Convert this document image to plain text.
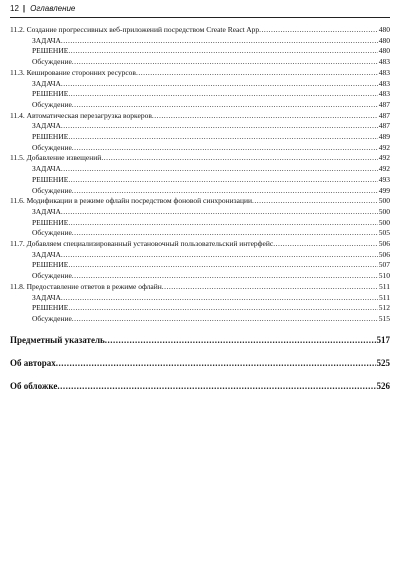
12 | Оглавление
11.2. Создание прогрессивных веб-приложений посредством Create React App .....	480
ЗАДАЧА .....	480
РЕШЕНИЕ .....	480
Обсуждение .....	483
11.3. Кеширование сторонних ресурсов .....	483
ЗАДАЧА .....	483
РЕШЕНИЕ .....	483
Обсуждение .....	487
11.4. Автоматическая перезагрузка воркеров .....	487
ЗАДАЧА .....	487
РЕШЕНИЕ .....	489
Обсуждение .....	492
11.5. Добавление извещений .....	492
ЗАДАЧА .....	492
РЕШЕНИЕ .....	493
Обсуждение .....	499
11.6. Модификации в режиме офлайн посредством фоновой синхронизации .....	500
ЗАДАЧА .....	500
РЕШЕНИЕ .....	500
Обсуждение .....	505
11.7. Добавляем специализированный установочный пользовательский интерфейс .....	506
ЗАДАЧА .....	506
РЕШЕНИЕ .....	507
Обсуждение .....	510
11.8. Предоставление ответов в режиме офлайн .....	511
ЗАДАЧА .....	511
РЕШЕНИЕ .....	512
Обсуждение .....	515
Предметный указатель .....	517
Об авторах .....	525
Об обложке .....	526
